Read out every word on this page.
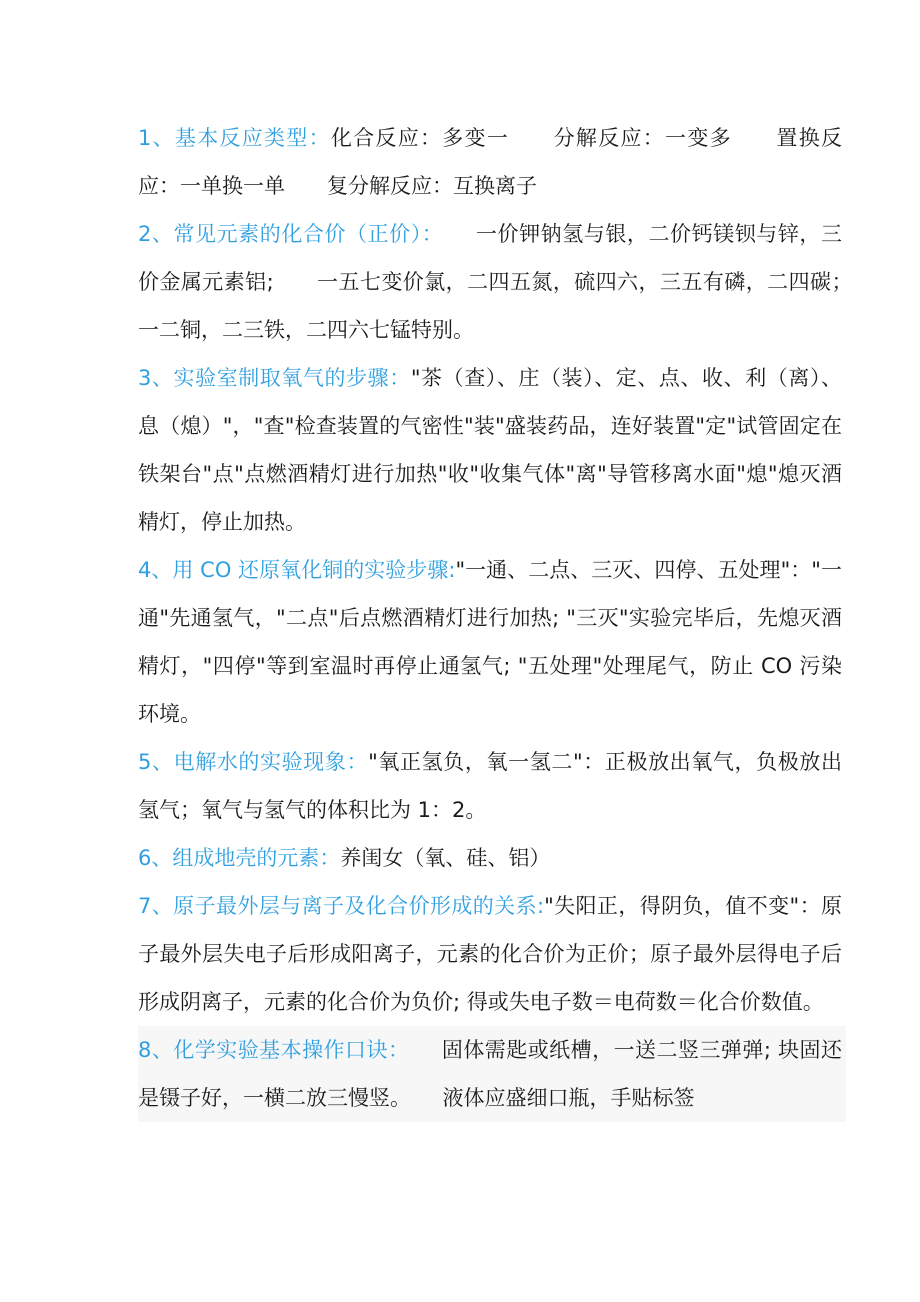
1、基本反应类型：化合反应：多变一　　分解反应：一变多　　置换反应：一单换一单　　复分解反应：互换离子

2、常见元素的化合价（正价）：　　一价钾钠氢与银，二价钙镁钡与锌，三价金属元素铝;　　一五七变价氯，二四五氮，硫四六，三五有磷，二四碳；　　一二铜，二三铁，二四六七锰特别。

3、实验室制取氧气的步骤："茶（查）、庄（装）、定、点、收、利（离）、息（熄）"，"查"检查装置的气密性"装"盛装药品，连好装置"定"试管固定在铁架台"点"点燃酒精灯进行加热"收"收集气体"离"导管移离水面"熄"熄灭酒精灯，停止加热。

4、用 CO 还原氧化铜的实验步骤:"一通、二点、三灭、四停、五处理"："一通"先通氢气，"二点"后点燃酒精灯进行加热; "三灭"实验完毕后，先熄灭酒精灯，"四停"等到室温时再停止通氢气; "五处理"处理尾气，防止 CO 污染环境。

5、电解水的实验现象："氧正氢负，氧一氢二"：正极放出氧气，负极放出氢气；氧气与氢气的体积比为 1：2。

6、组成地壳的元素：养闺女（氧、硅、铝）

7、原子最外层与离子及化合价形成的关系:"失阳正，得阴负，值不变"：原子最外层失电子后形成阳离子，元素的化合价为正价；原子最外层得电子后形成阴离子，元素的化合价为负价; 得或失电子数＝电荷数＝化合价数值。

8、化学实验基本操作口诀：　　固体需匙或纸槽，一送二竖三弹弹; 块固还是镊子好，一横二放三慢竖。　　液体应盛细口瓶，手贴标签
